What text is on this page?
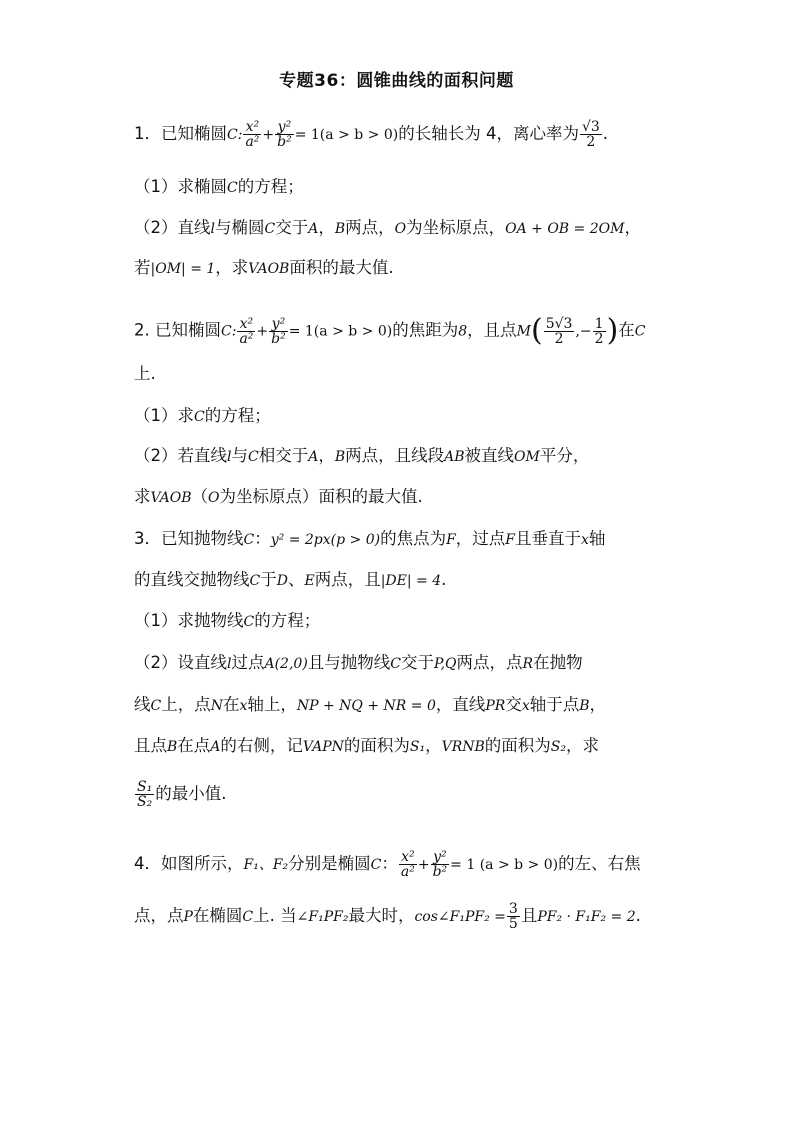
专题36：圆锥曲线的面积问题
1．已知椭圆C: $\frac{\text{x²}}{\text{a²}} + \frac{\text{y²}}{\text{b²}} = 1(a > b > 0)$的长轴长为 4，离心率为 $\frac{√3}{2}$ .
（1）求椭圆C的方程；
（2）直线l与椭圆C交于A，B两点，O为坐标原点，OA + OB = 2OM，
若|OM| = 1，求VAOB面积的最大值.
2. 已知椭圆C: $\frac{\text{x²}}{\text{a²}} + \frac{\text{y²}}{\text{b²}} = 1(a > b > 0)$的焦距为8，且点$M( \frac{5√3}{2}$ ,− $\frac{1}{2}$ )在C
上.
（1）求C的方程；
（2）若直线l与C相交于A，B两点，且线段AB被直线OM平分，
求VAOB（O为坐标原点）面积的最大值.
3．已知抛物线C：y² = 2px(p > 0)的焦点为F，过点F且垂直于x轴
的直线交抛物线C于D、E两点，且|DE| = 4.
（1）求抛物线C的方程；
（2）设直线l过点A(2,0)且与抛物线C交于P,Q两点，点R在抛物
线C上，点N在x轴上，NP + NQ + NR = 0，直线PR交x轴于点B，
且点B在点A的右侧，记VAPN的面积为S₁，VRNB的面积为S₂，求
$\frac{\text{S₁}}{\text{S₂}}$ 的最小值.
4．如图所示，F₁、F₂分别是椭圆C： $\frac{\text{x²}}{\text{a²}} + \frac{\text{y²}}{\text{b²}} = 1$ (a > b > 0)的左、右焦
点，点P在椭圆C上. 当∠F₁PF₂最大时，cos∠F₁PF₂ = $\frac{3}{5}$ 且PF₂ · F₁F₂ = 2.
